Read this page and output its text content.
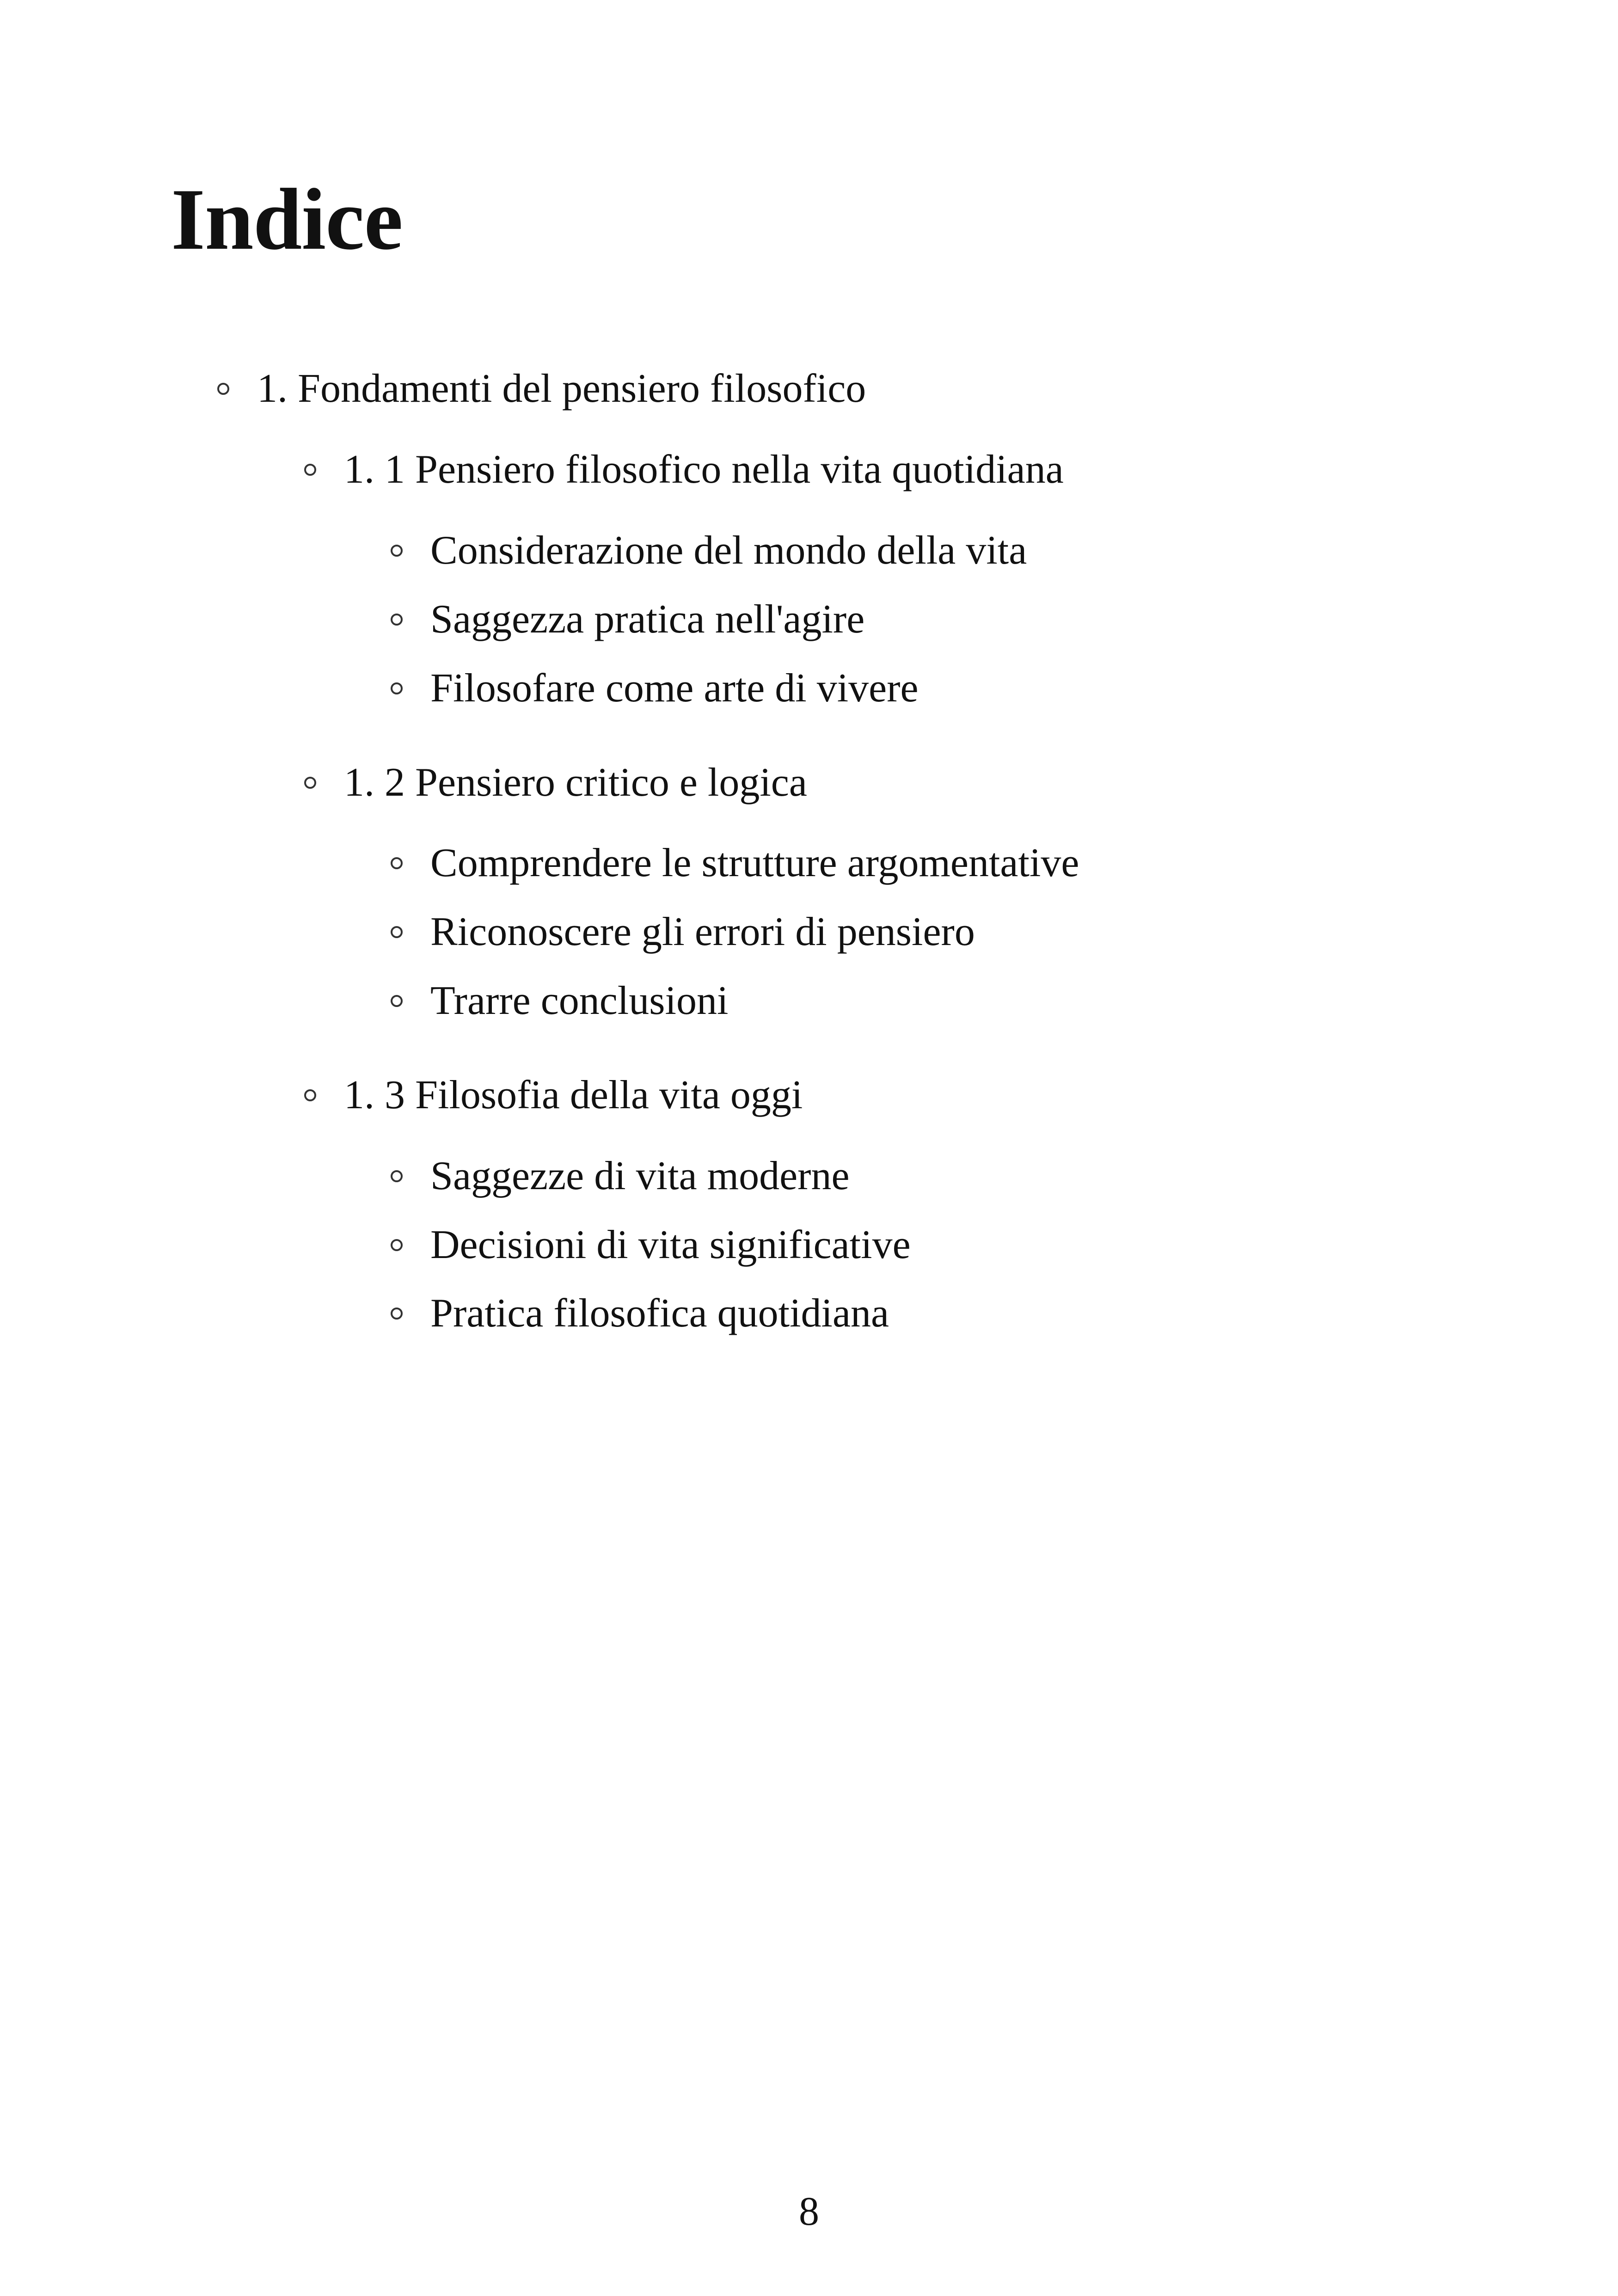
Indice
1. Fondamenti del pensiero filosofico
1. 1 Pensiero filosofico nella vita quotidiana
Considerazione del mondo della vita
Saggezza pratica nell'agire
Filosofare come arte di vivere
1. 2 Pensiero critico e logica
Comprendere le strutture argomentative
Riconoscere gli errori di pensiero
Trarre conclusioni
1. 3 Filosofia della vita oggi
Saggezze di vita moderne
Decisioni di vita significative
Pratica filosofica quotidiana
8
